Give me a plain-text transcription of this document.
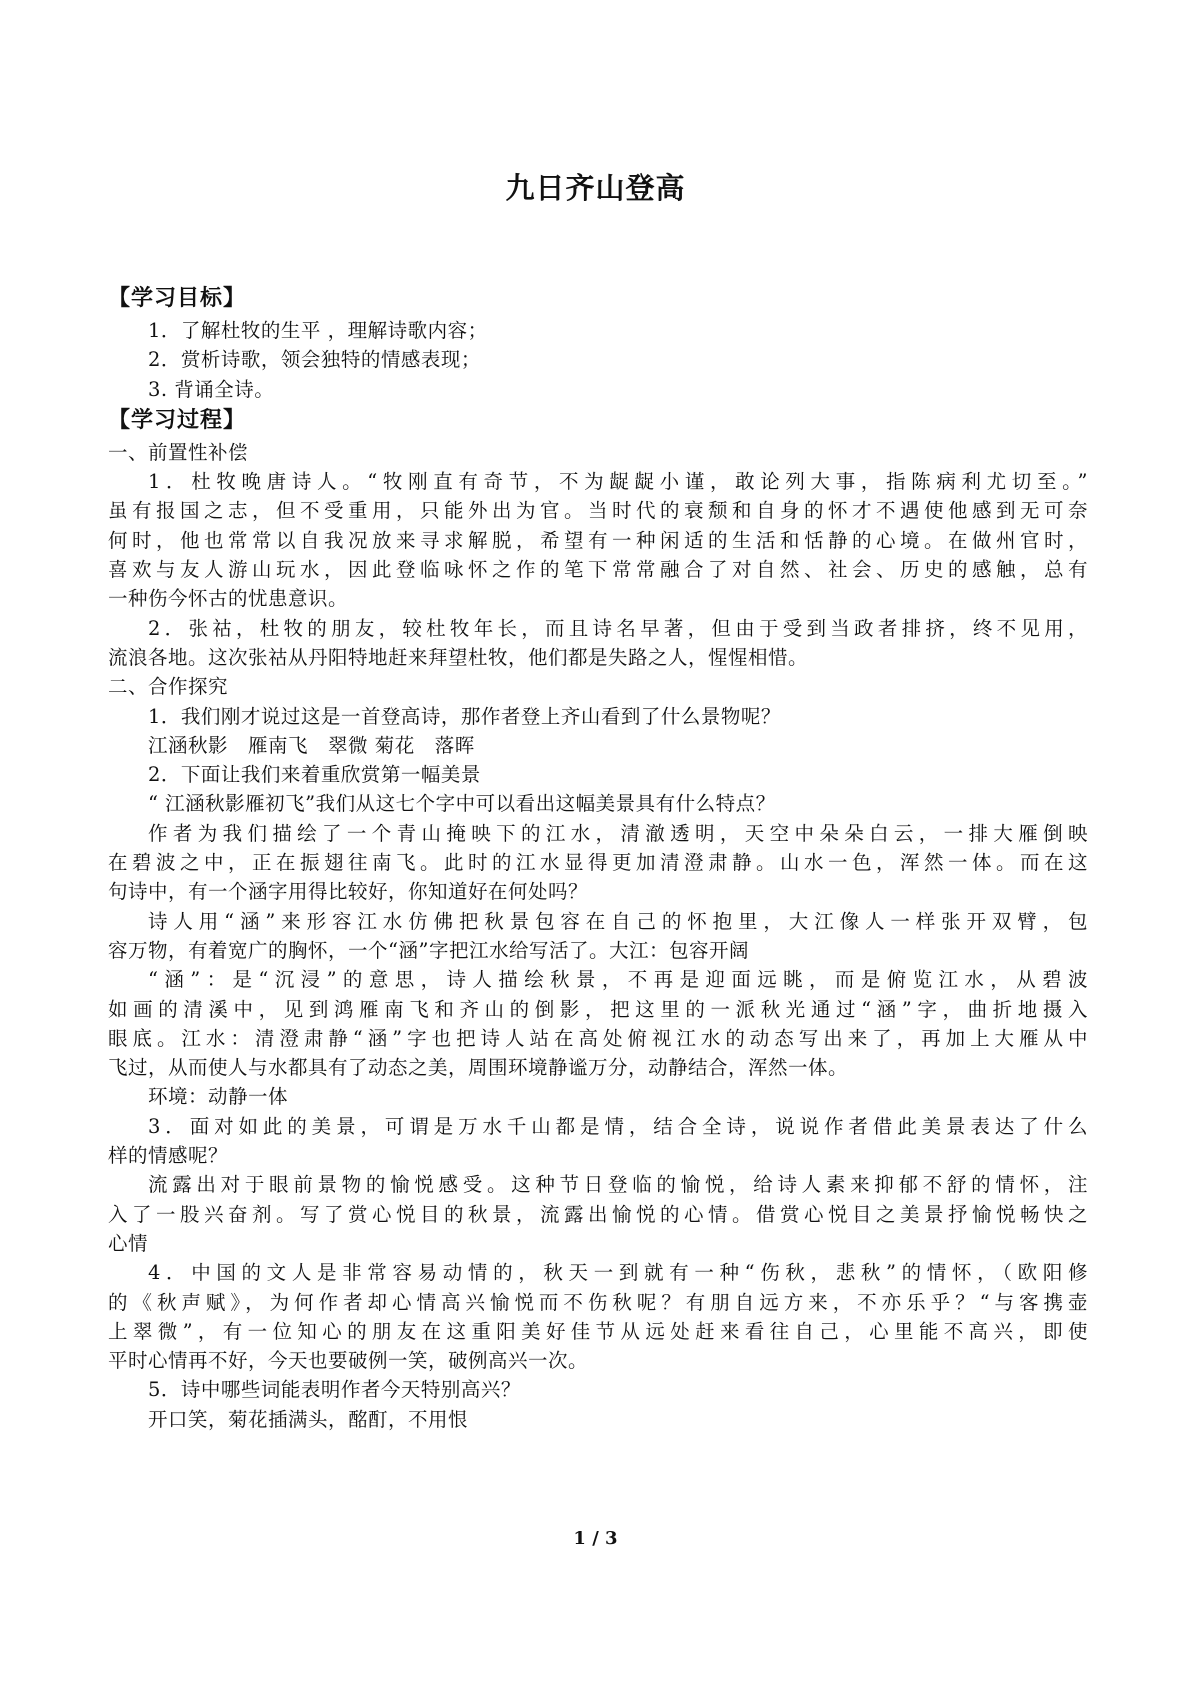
九日齐山登高

【学习目标】

1．了解杜牧的生平 ，理解诗歌内容；

2．赏析诗歌，领会独特的情感表现；

3. 背诵全诗。

【学习过程】

一、前置性补偿

1．杜牧晚唐诗人。“牧刚直有奇节，不为龊龊小谨，敢论列大事，指陈病利尤切至。”

虽有报国之志，但不受重用，只能外出为官。当时代的衰颓和自身的怀才不遇使他感到无可奈

何时，他也常常以自我况放来寻求解脱，希望有一种闲适的生活和恬静的心境。在做州官时，

喜欢与友人游山玩水，因此登临咏怀之作的笔下常常融合了对自然、社会、历史的感触，总有

一种伤今怀古的忧患意识。

2．张祜，杜牧的朋友，较杜牧年长，而且诗名早著，但由于受到当政者排挤，终不见用，

流浪各地。这次张祜从丹阳特地赶来拜望杜牧，他们都是失路之人，惺惺相惜。

二、合作探究

1．我们刚才说过这是一首登高诗，那作者登上齐山看到了什么景物呢？

江涵秋影　雁南飞　翠微 菊花　落晖

2．下面让我们来着重欣赏第一幅美景

“ 江涵秋影雁初飞”我们从这七个字中可以看出这幅美景具有什么特点？

作者为我们描绘了一个青山掩映下的江水，清澈透明，天空中朵朵白云，一排大雁倒映

在碧波之中，正在振翅往南飞。此时的江水显得更加清澄肃静。山水一色，浑然一体。而在这

句诗中，有一个涵字用得比较好，你知道好在何处吗？

诗人用“涵”来形容江水仿佛把秋景包容在自己的怀抱里，大江像人一样张开双臂，包

容万物，有着宽广的胸怀，一个“涵”字把江水给写活了。大江：包容开阔

“涵”：是“沉浸”的意思，诗人描绘秋景，不再是迎面远眺，而是俯览江水，从碧波

如画的清溪中，见到鸿雁南飞和齐山的倒影，把这里的一派秋光通过“涵”字，曲折地摄入

眼底。江水：清澄肃静“涵”字也把诗人站在高处俯视江水的动态写出来了，再加上大雁从中

飞过，从而使人与水都具有了动态之美，周围环境静谧万分，动静结合，浑然一体。

环境：动静一体

3．面对如此的美景，可谓是万水千山都是情，结合全诗，说说作者借此美景表达了什么

样的情感呢？

流露出对于眼前景物的愉悦感受。这种节日登临的愉悦，给诗人素来抑郁不舒的情怀，注

入了一股兴奋剂。写了赏心悦目的秋景，流露出愉悦的心情。借赏心悦目之美景抒愉悦畅快之

心情

4．中国的文人是非常容易动情的，秋天一到就有一种“伤秋，悲秋”的情怀，（欧阳修

的《秋声赋》，为何作者却心情高兴愉悦而不伤秋呢？有朋自远方来，不亦乐乎？“与客携壶

上翠微”，有一位知心的朋友在这重阳美好佳节从远处赶来看往自己，心里能不高兴，即使

平时心情再不好，今天也要破例一笑，破例高兴一次。

5．诗中哪些词能表明作者今天特别高兴？

开口笑，菊花插满头，酩酊，不用恨

1 / 3
